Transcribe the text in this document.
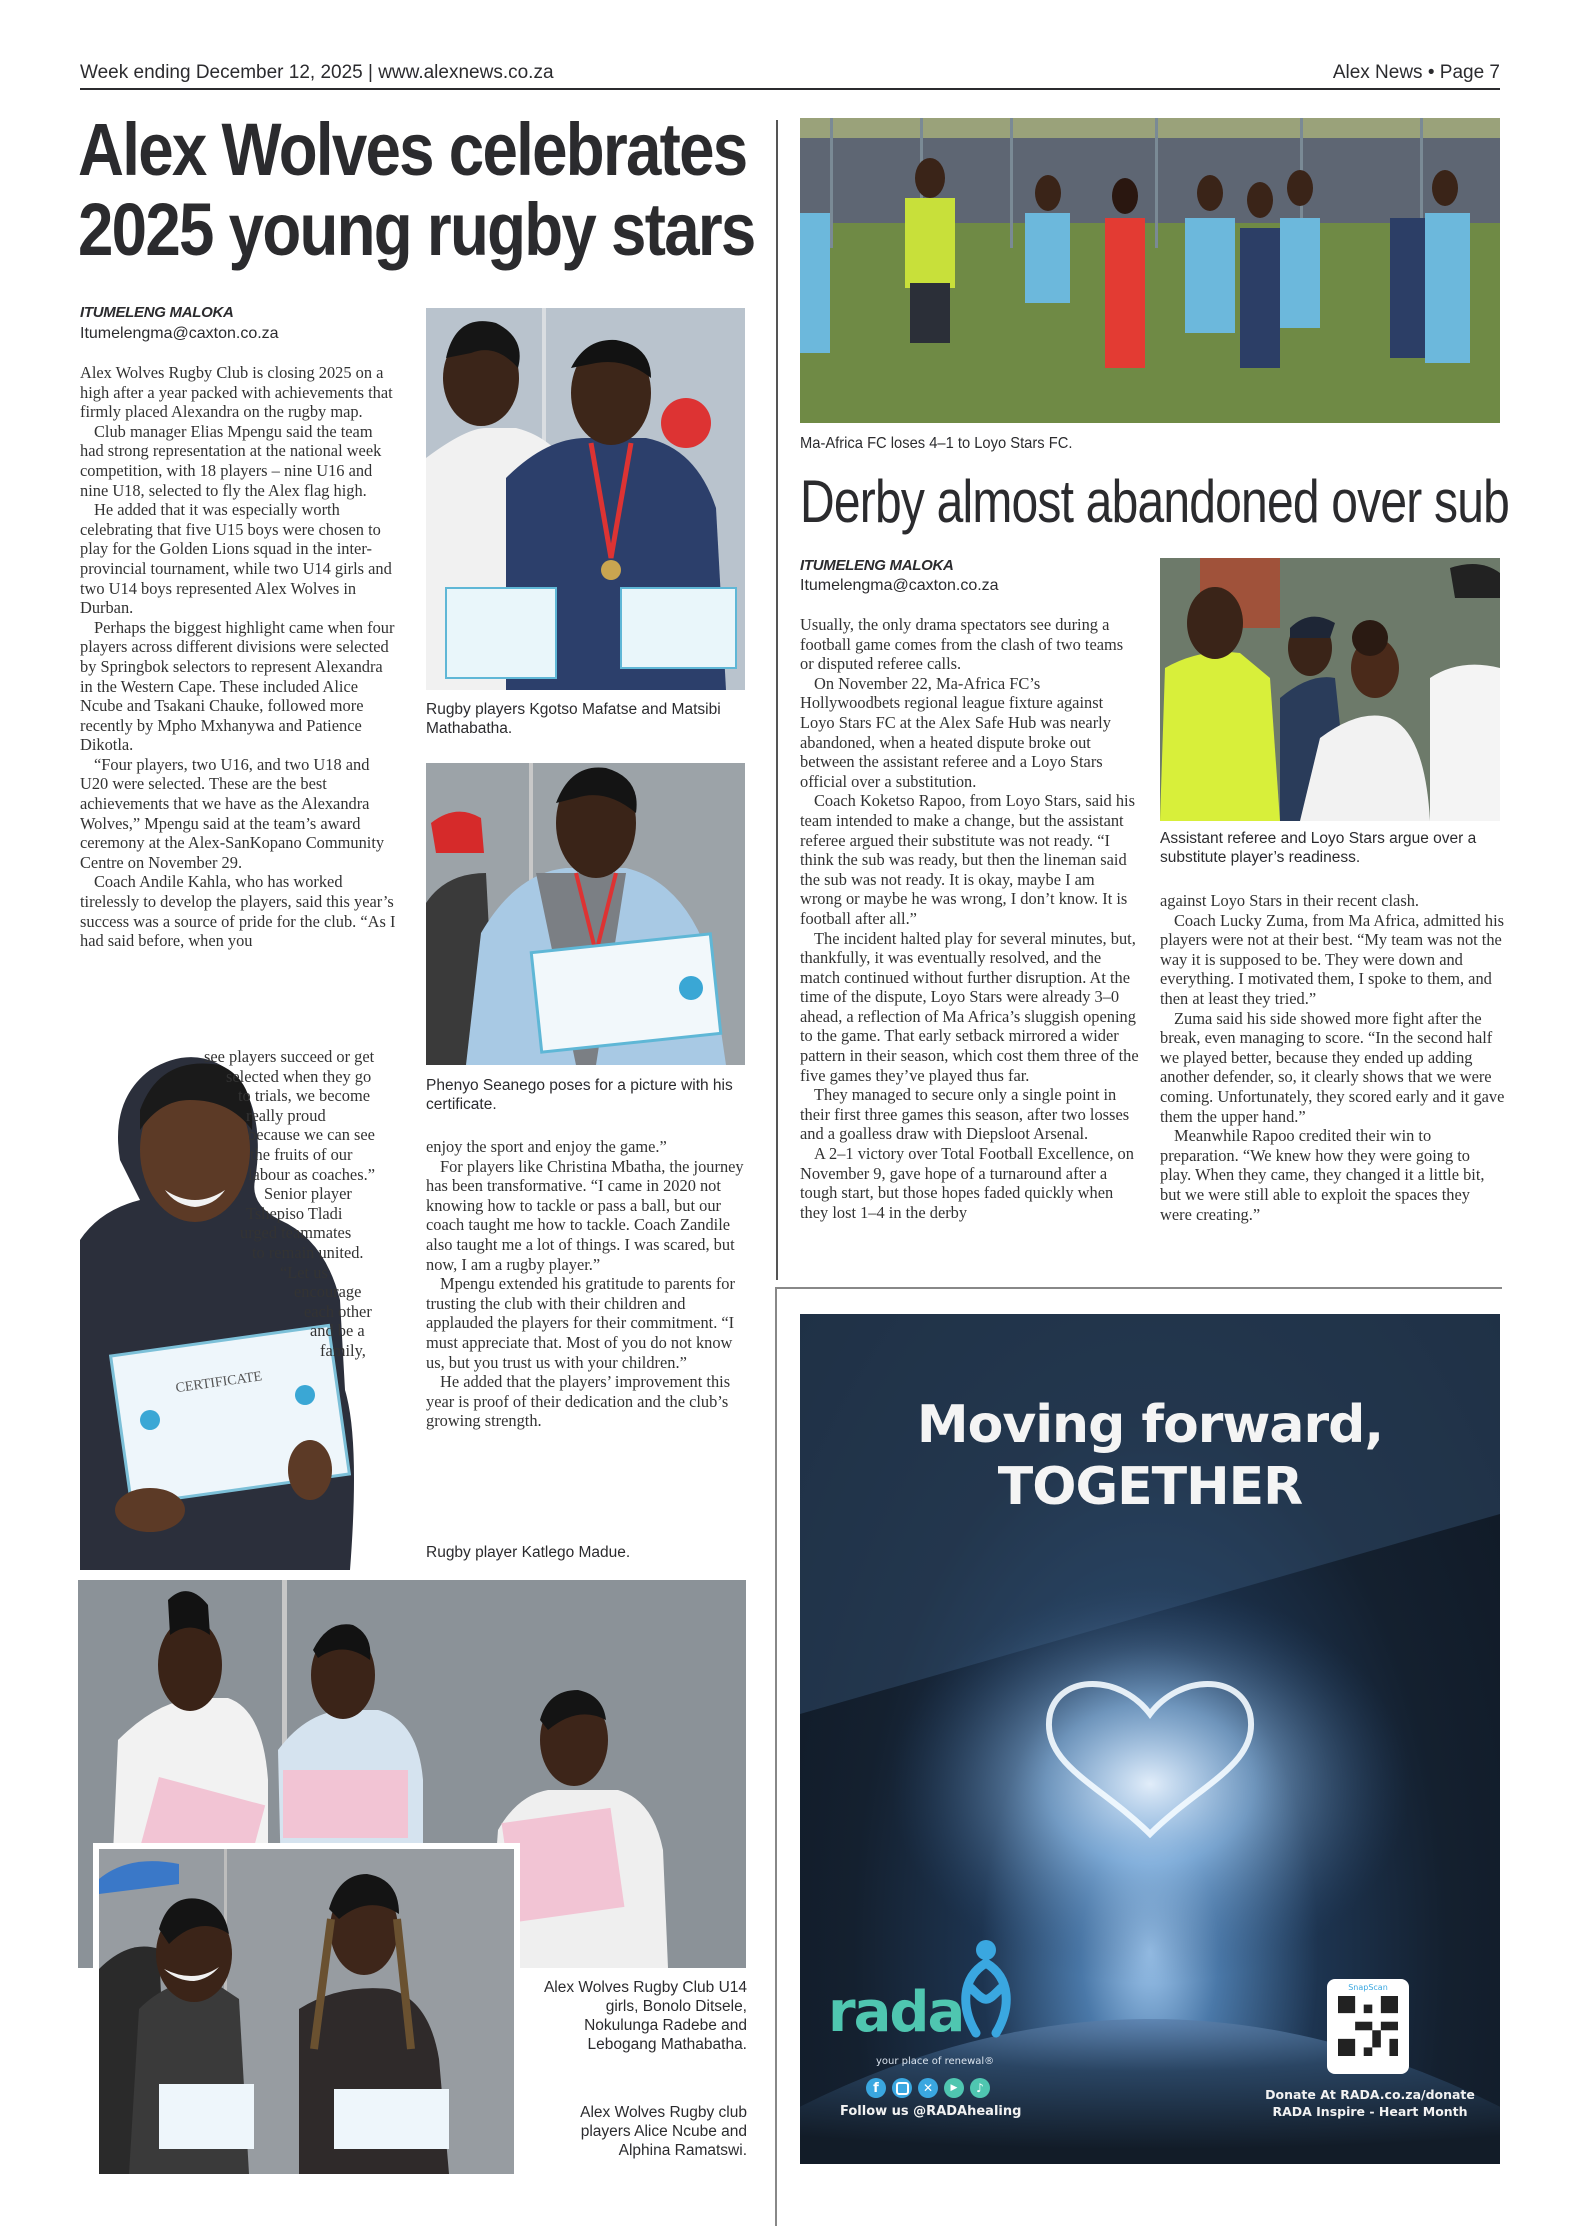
Week ending December 12, 2025 | www.alexnews.co.za	Alex News • Page 7
Alex Wolves celebrates
2025 young rugby stars
ITUMELENG MALOKA
Itumelengma@caxton.co.za

Alex Wolves Rugby Club is closing 2025 on a high after a year packed with achievements that firmly placed Alexandra on the rugby map.

Club manager Elias Mpengu said the team had strong representation at the national week competition, with 18 players – nine U16 and nine U18, selected to fly the Alex flag high.

He added that it was especially worth celebrating that five U15 boys were chosen to play for the Golden Lions squad in the inter-provincial tournament, while two U14 girls and two U14 boys represented Alex Wolves in Durban.

Perhaps the biggest highlight came when four players across different divisions were selected by Springbok selectors to represent Alexandra in the Western Cape. These included Alice Ncube and Tsakani Chauke, followed more recently by Mpho Mxhanywa and Patience Dikotla.

“Four players, two U16, and two U18 and U20 were selected. These are the best achievements that we have as the Alexandra Wolves,” Mpengu said at the team’s award ceremony at the Alex-SanKopano Community Centre on November 29.

Coach Andile Kahla, who has worked tirelessly to develop the players, said this year’s success was a source of pride for the club. “As I had said before, when you

CERTIFICATE
see players succeed or get
selected when they go
to trials, we become
really proud
because we can see
the fruits of our
labour as coaches.”
Senior player
Tshepiso Tladi
urged teammates
to remain united.
“Let us
encourage
each other
and be a
family,
Rugby players Kgotso Mafatse and Matsibi Mathabatha.
Phenyo Seanego poses for a picture with his certificate.

enjoy the sport and enjoy the game.”

For players like Christina Mbatha, the journey has been transformative. “I came in 2020 not knowing how to tackle or pass a ball, but our coach taught me how to tackle. Coach Zandile also taught me a lot of things. I was scared, but now, I am a rugby player.”

Mpengu extended his gratitude to parents for trusting the club with their children and applauded the players for their commitment. “I must appreciate that. Most of you do not know us, but you trust us with your children.”

He added that the players’ improvement this year is proof of their dedication and the club’s growing strength.

Rugby player Katlego Madue.
Alex Wolves Rugby Club U14 girls, Bonolo Ditsele, Nokulunga Radebe and Lebogang Mathabatha.
Alex Wolves Rugby club players Alice Ncube and Alphina Ramatswi.
Ma-Africa FC loses 4–1 to Loyo Stars FC.
Derby almost abandoned over sub
ITUMELENG MALOKA
Itumelengma@caxton.co.za

Usually, the only drama spectators see during a football game comes from the clash of two teams or disputed referee calls.

On November 22, Ma-Africa FC’s Hollywoodbets regional league fixture against Loyo Stars FC at the Alex Safe Hub was nearly abandoned, when a heated dispute broke out between the assistant referee and a Loyo Stars official over a substitution.

Coach Koketso Rapoo, from Loyo Stars, said his team intended to make a change, but the assistant referee argued their substitute was not ready. “I think the sub was ready, but then the lineman said the sub was not ready. It is okay, maybe I am wrong or maybe he was wrong, I don’t know. It is football after all.”

The incident halted play for several minutes, but, thankfully, it was eventually resolved, and the match continued without further disruption. At the time of the dispute, Loyo Stars were already 3–0 ahead, a reflection of Ma Africa’s sluggish opening to the game. That early setback mirrored a wider pattern in their season, which cost them three of the five games they’ve played thus far.

They managed to secure only a single point in their first three games this season, after two losses and a goalless draw with Diepsloot Arsenal.

A 2–1 victory over Total Football Excellence, on November 9, gave hope of a turnaround after a tough start, but those hopes faded quickly when they lost 1–4 in the derby

Assistant referee and Loyo Stars argue over a substitute player’s readiness.

against Loyo Stars in their recent clash.

Coach Lucky Zuma, from Ma Africa, admitted his players were not at their best. “My team was not the way it is supposed to be. They were down and everything. I motivated them, I spoke to them, and then at least they tried.”

Zuma said his side showed more fight after the break, even managing to score. “In the second half we played better, because they ended up adding another defender, so, it clearly shows that we were coming. Unfortunately, they scored early and it gave them the upper hand.”

Meanwhile Rapoo credited their win to preparation. “We knew how they were going to play. When they came, they changed it a little bit, but we were still able to exploit the spaces they were creating.”

Moving forward,
TOGETHER
rada
your place of renewal®
f	✕	▶	♪
Follow us @RADAhealing
SnapScan
Donate At RADA.co.za/donate
RADA Inspire - Heart Month
